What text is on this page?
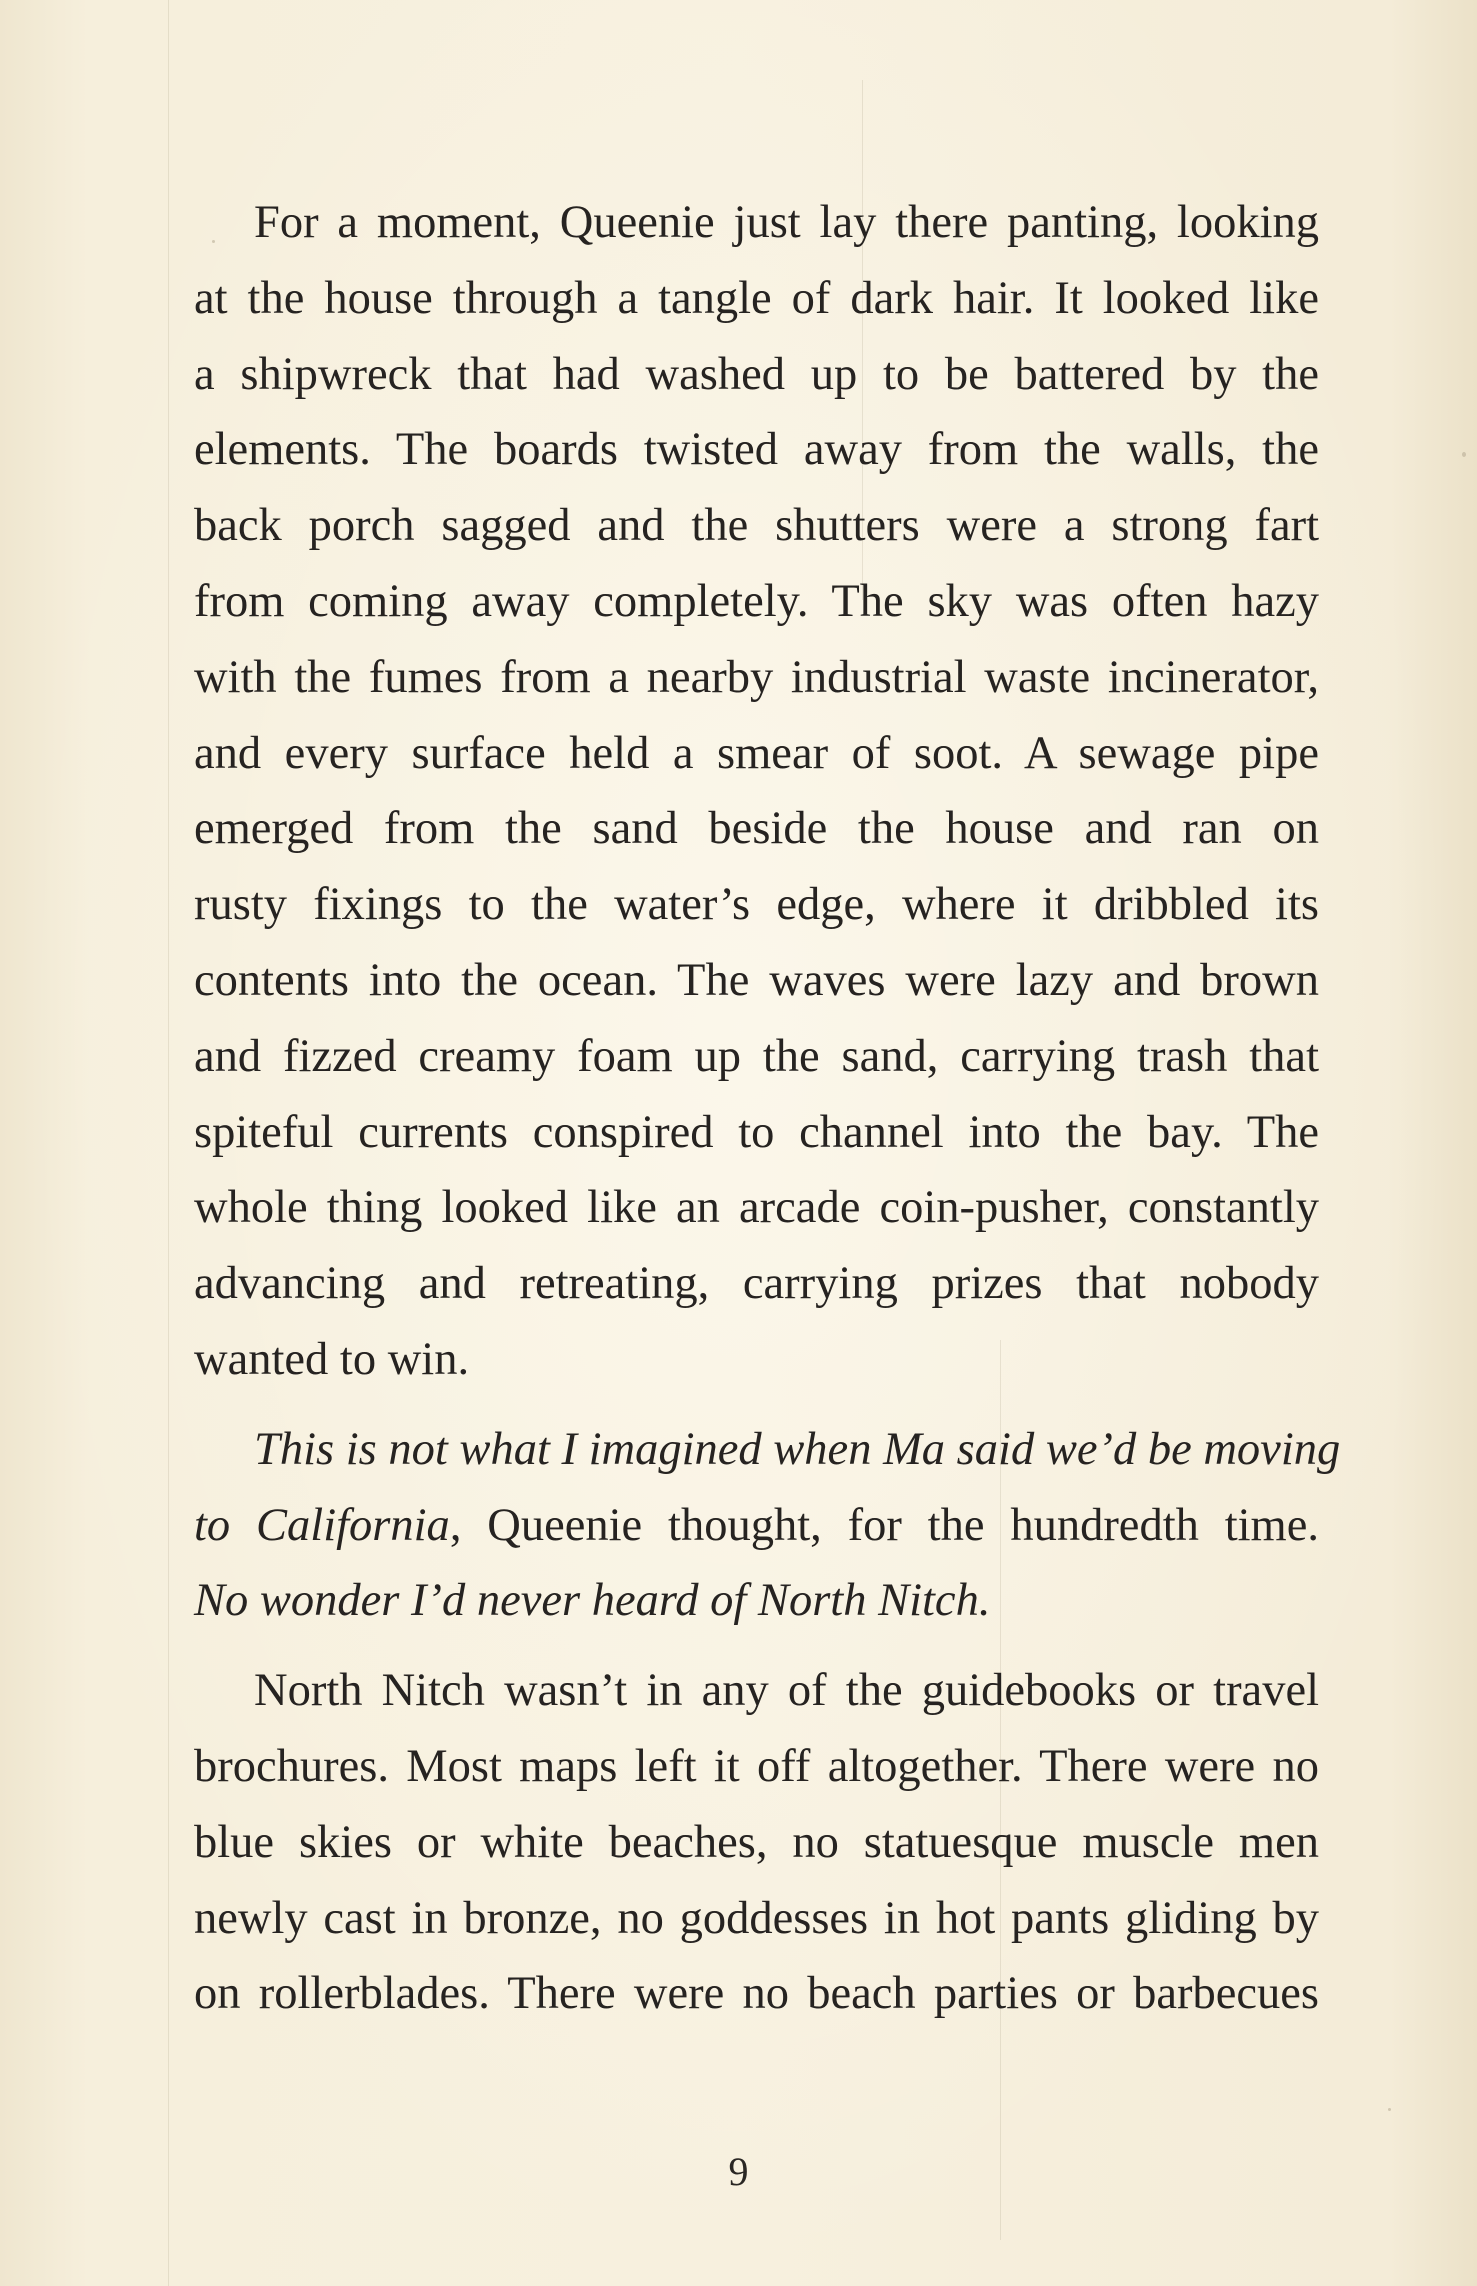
For a moment, Queenie just lay there panting, looking
at the house through a tangle of dark hair. It looked like
a shipwreck that had washed up to be battered by the
elements. The boards twisted away from the walls, the
back porch sagged and the shutters were a strong fart
from coming away completely. The sky was often hazy
with the fumes from a nearby industrial waste incinerator,
and every surface held a smear of soot. A sewage pipe
emerged from the sand beside the house and ran on
rusty fixings to the water’s edge, where it dribbled its
contents into the ocean. The waves were lazy and brown
and fizzed creamy foam up the sand, carrying trash that
spiteful currents conspired to channel into the bay. The
whole thing looked like an arcade coin-pusher, constantly
advancing and retreating, carrying prizes that nobody
wanted to win.
This is not what I imagined when Ma said we’d be moving
to California, Queenie thought, for the hundredth time.
No wonder I’d never heard of North Nitch.
North Nitch wasn’t in any of the guidebooks or travel
brochures. Most maps left it off altogether. There were no
blue skies or white beaches, no statuesque muscle men
newly cast in bronze, no goddesses in hot pants gliding by
on rollerblades. There were no beach parties or barbecues
9
